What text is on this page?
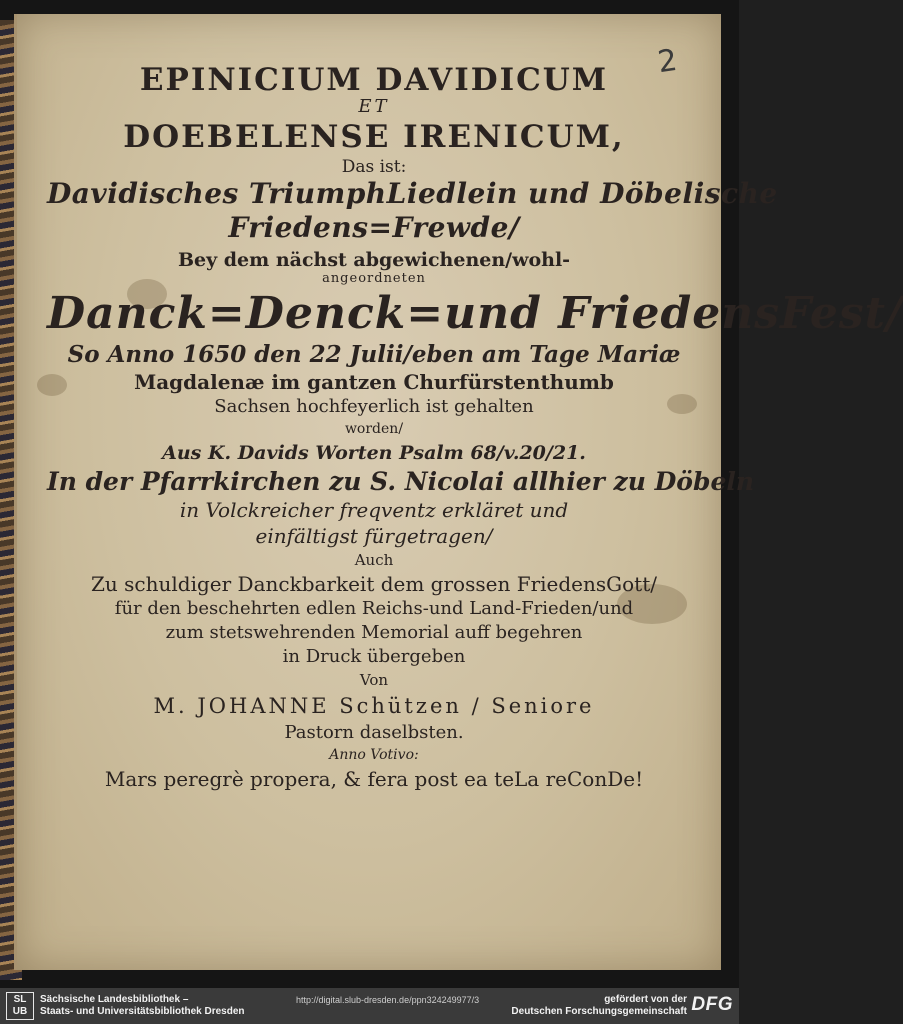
2
EPINICIUM DAVIDICUM
ET
DOEBELENSE IRENICUM,
Das ist:
Davidisches TriumphLiedlein und Döbelische
Friedens=Frewde/
Bey dem nächst abgewichenen/wohl-
angeordneten
Danck=Denck=und FriedensFest/
So Anno 1650 den 22 Julii/eben am Tage Mariæ
Magdalenæ im gantzen Churfürstenthumb
Sachsen hochfeyerlich ist gehalten
worden/
Aus K. Davids Worten Psalm 68/v.20/21.
In der Pfarrkirchen zu S. Nicolai allhier zu Döbeln
in Volckreicher freqventz erkläret und
einfältigst fürgetragen/
Auch
Zu schuldiger Danckbarkeit dem grossen FriedensGott/
für den beschehrten edlen Reichs-und Land-Frieden/und
zum stetswehrenden Memorial auff begehren
in Druck übergeben
Von
M. JOHANNE Schützen / Seniore
Pastorn daselbsten.
Anno Votivo:
Mars peregrè propera, & fera post ea teLa reConDe!
SL
UB
Sächsische Landesbibliothek –
Staats- und Universitätsbibliothek Dresden
http://digital.slub-dresden.de/ppn324249977/3	gefördert von der
Deutschen Forschungsgemeinschaft DFG
